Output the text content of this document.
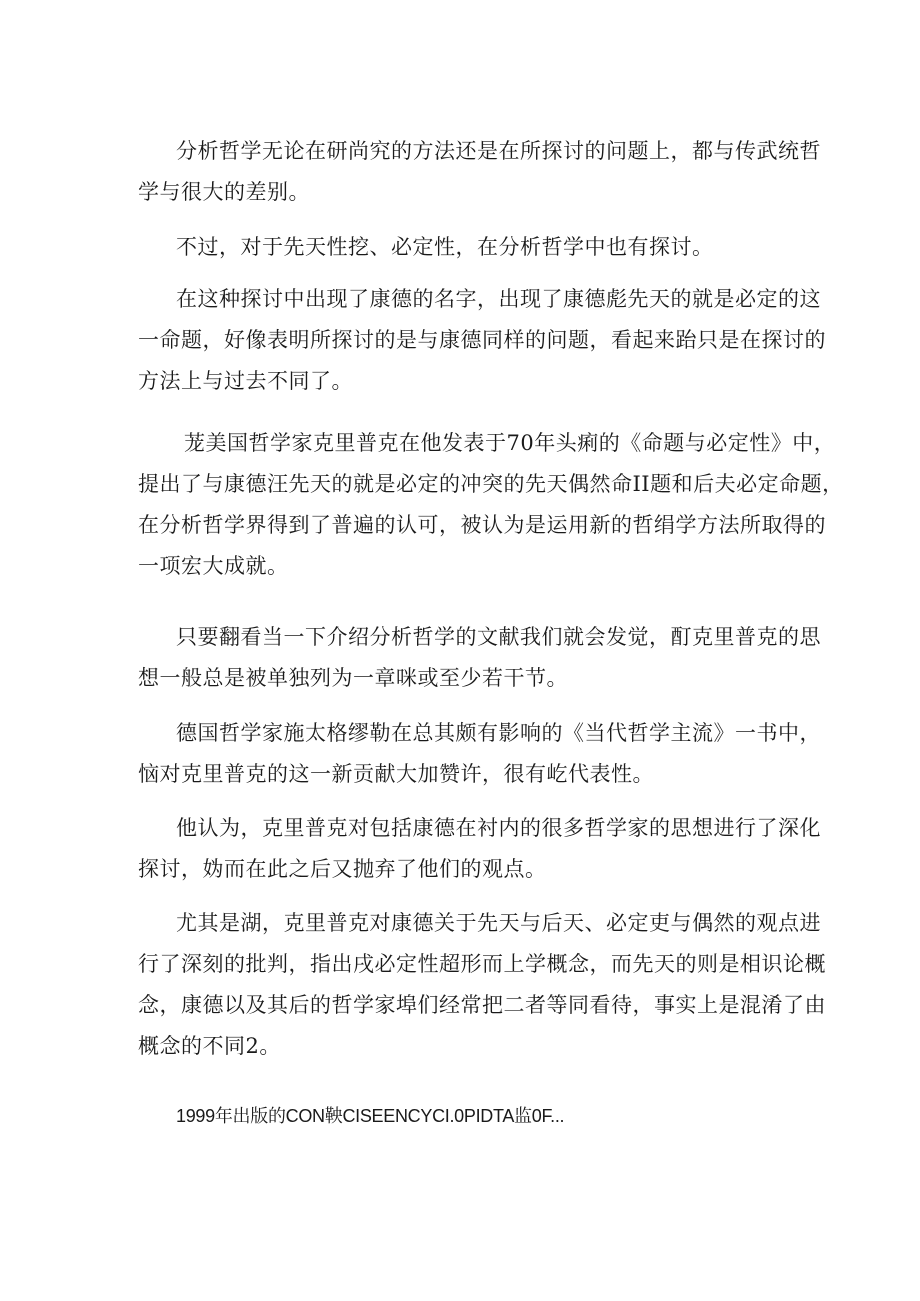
分析哲学无论在研尚究的方法还是在所探讨的问题上，都与传武统哲
学与很大的差别。
不过，对于先天性挖、必定性，在分析哲学中也有探讨。
在这种探讨中出现了康德的名字，出现了康德彪先天的就是必定的这
一命题，好像表明所探讨的是与康德同样的问题，看起来跆只是在探讨的
方法上与过去不同了。
茏美国哲学家克里普克在他发表于70年头痢的《命题与必定性》中，
提出了与康德汪先天的就是必定的冲突的先天偶然命II题和后夫必定命题，
在分析哲学界得到了普遍的认可，被认为是运用新的哲绢学方法所取得的
一项宏大成就。
只要翻看当一下介绍分析哲学的文献我们就会发觉，酊克里普克的思
想一般总是被单独列为一章咪或至少若干节。
德国哲学家施太格缪勒在总其颇有影响的《当代哲学主流》一书中，
恼对克里普克的这一新贡献大加赞许，很有屹代表性。
他认为，克里普克对包括康德在衬内的很多哲学家的思想进行了深化
探讨，妫而在此之后又抛弃了他们的观点。
尤其是湖，克里普克对康德关于先天与后天、必定吏与偶然的观点进
行了深刻的批判，指出戌必定性超形而上学概念，而先天的则是相识论概
念，康德以及其后的哲学家埠们经常把二者等同看待，事实上是混淆了由
概念的不同2。
1999年出版的CON鞅CISEENCYCI.0PIDTA监0F...
